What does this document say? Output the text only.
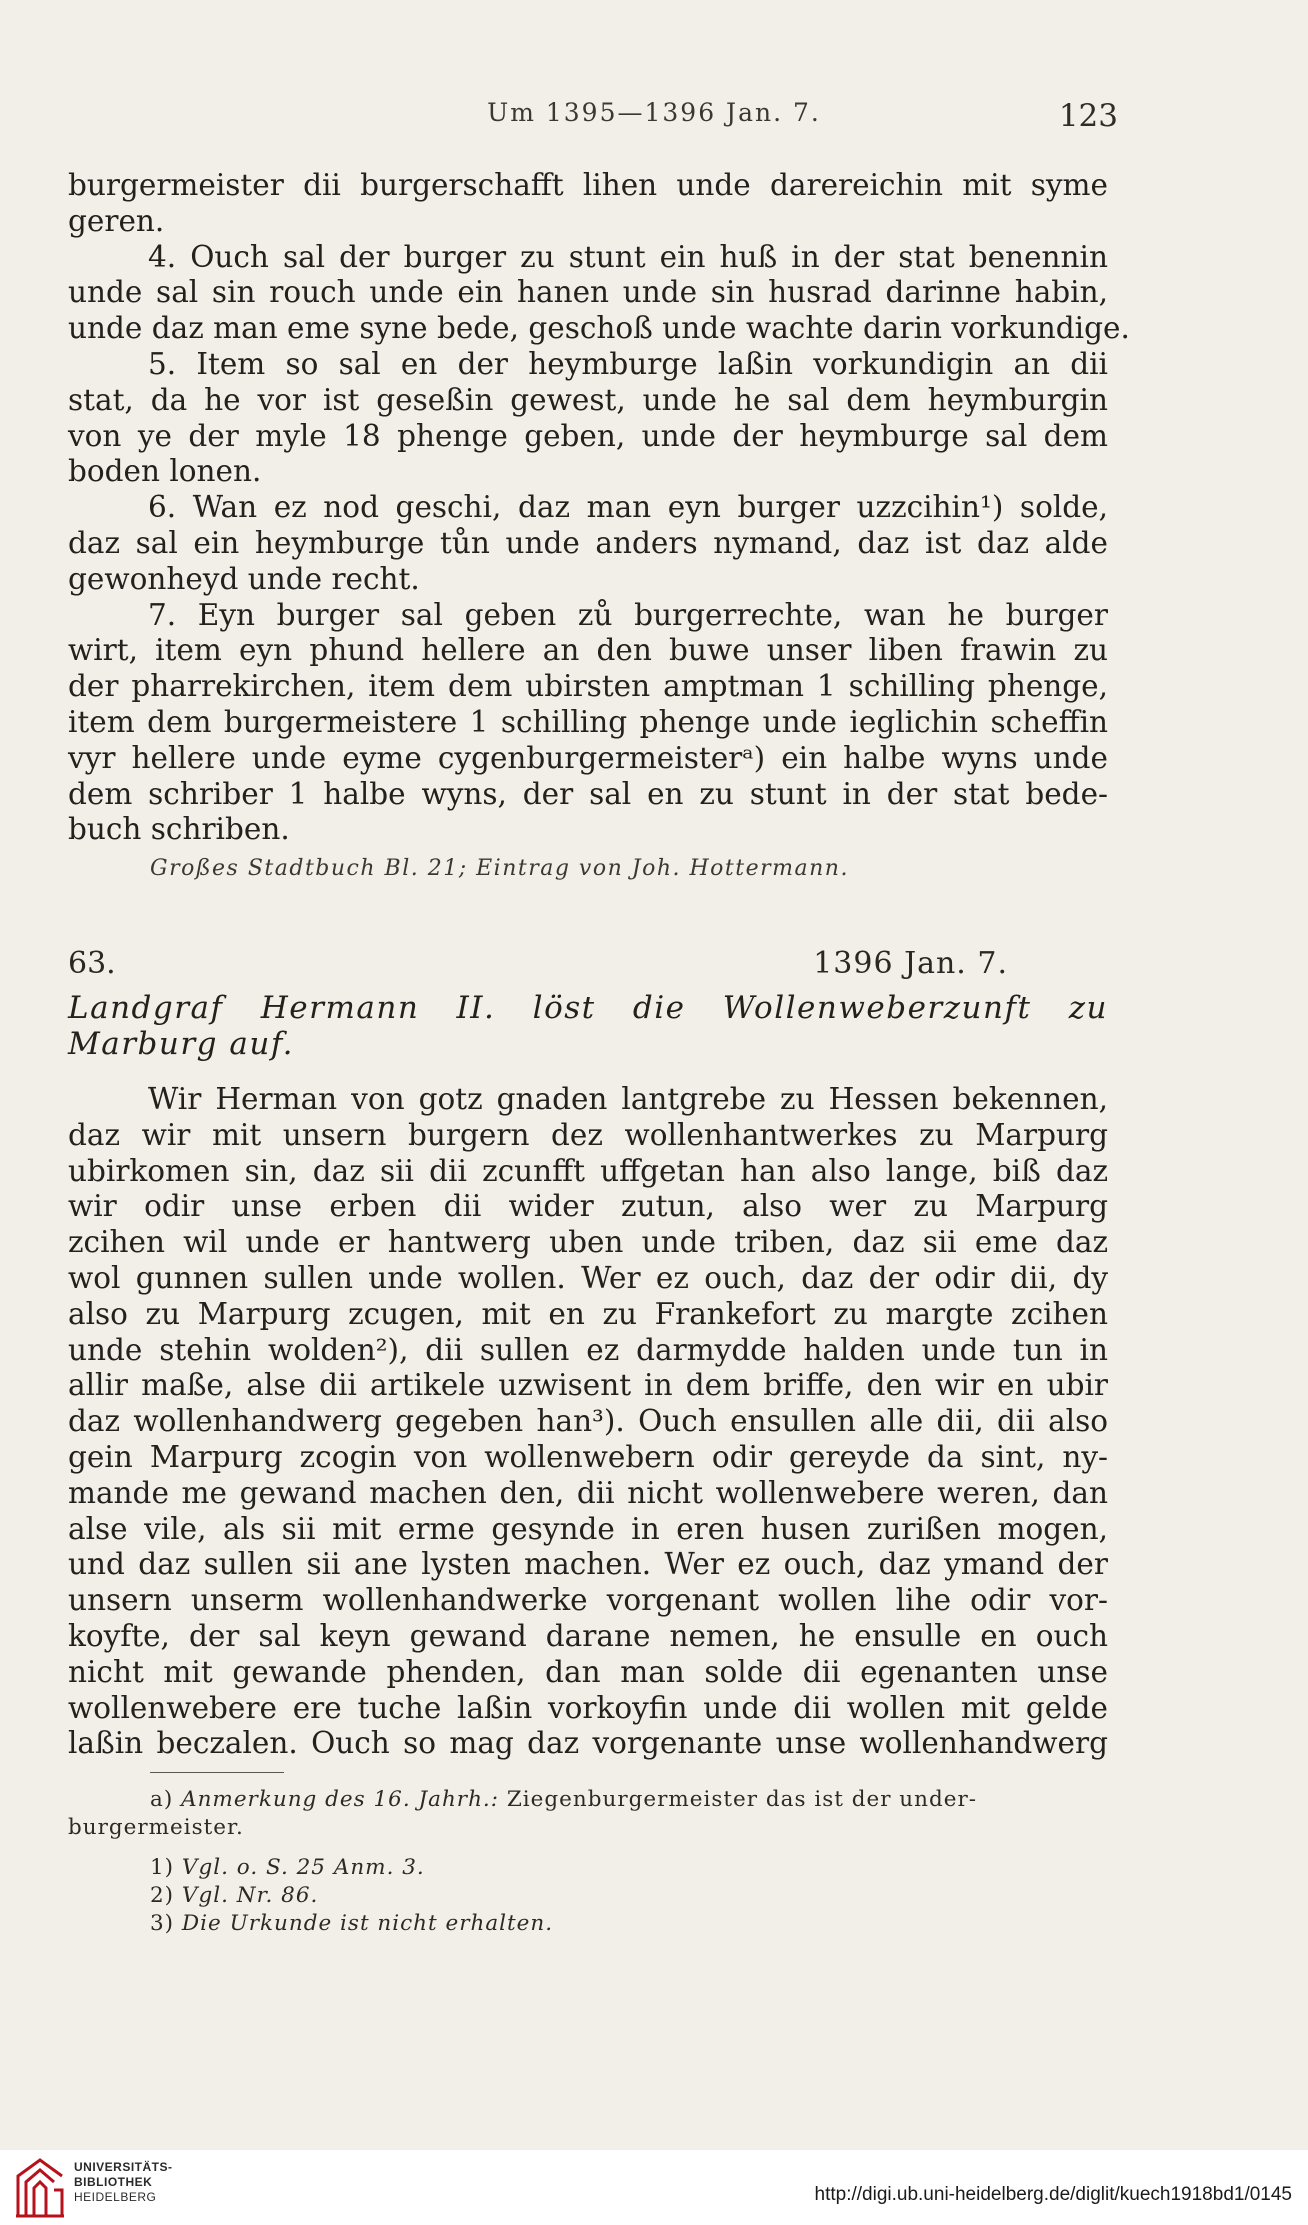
Um 1395—1396 Jan. 7.	123

burgermeister dii burgerschafft lihen unde darereichin mit syme
geren.
4. Ouch sal der burger zu stunt ein huß in der stat benennin
unde sal sin rouch unde ein hanen unde sin husrad darinne habin,
unde daz man eme syne bede, geschoß unde wachte darin vorkundige.
5. Item so sal en der heymburge laßin vorkundigin an dii
stat, da he vor ist geseßin gewest, unde he sal dem heymburgin
von ye der myle 18 phenge geben, unde der heymburge sal dem
boden lonen.
6. Wan ez nod geschi, daz man eyn burger uzzcihin¹) solde,
daz sal ein heymburge tůn unde anders nymand, daz ist daz alde
gewonheyd unde recht.
7. Eyn burger sal geben zů burgerrechte, wan he burger
wirt, item eyn phund hellere an den buwe unser liben frawin zu
der pharrekirchen, item dem ubirsten amptman 1 schilling phenge,
item dem burgermeistere 1 schilling phenge unde ieglichin scheffin
vyr hellere unde eyme cygenburgermeisterᵃ) ein halbe wyns unde
dem schriber 1 halbe wyns, der sal en zu stunt in der stat bede-
buch schriben.

Großes Stadtbuch Bl. 21; Eintrag von Joh. Hottermann.
63.	1396 Jan. 7.
Landgraf Hermann II. löst die Wollenweberzunft zu
Marburg auf.
Wir Herman von gotz gnaden lantgrebe zu Hessen bekennen,
daz wir mit unsern burgern dez wollenhantwerkes zu Marpurg
ubirkomen sin, daz sii dii zcunfft uffgetan han also lange, biß daz
wir odir unse erben dii wider zutun, also wer zu Marpurg
zcihen wil unde er hantwerg uben unde triben, daz sii eme daz
wol gunnen sullen unde wollen. Wer ez ouch, daz der odir dii, dy
also zu Marpurg zcugen, mit en zu Frankefort zu margte zcihen
unde stehin wolden²), dii sullen ez darmydde halden unde tun in
allir maße, alse dii artikele uzwisent in dem briffe, den wir en ubir
daz wollenhandwerg gegeben han³). Ouch ensullen alle dii, dii also
gein Marpurg zcogin von wollenwebern odir gereyde da sint, ny-
mande me gewand machen den, dii nicht wollenwebere weren, dan
alse vile, als sii mit erme gesynde in eren husen zurißen mogen,
und daz sullen sii ane lysten machen. Wer ez ouch, daz ymand der
unsern unserm wollenhandwerke vorgenant wollen lihe odir vor-
koyfte, der sal keyn gewand darane nemen, he ensulle en ouch
nicht mit gewande phenden, dan man solde dii egenanten unse
wollenwebere ere tuche laßin vorkoyfin unde dii wollen mit gelde
laßin beczalen. Ouch so mag daz vorgenante unse wollenhandwerg
a) Anmerkung des 16. Jahrh.: Ziegenburgermeister das ist der under-
burgermeister.
1) Vgl. o. S. 25 Anm. 3.
2) Vgl. Nr. 86.
3) Die Urkunde ist nicht erhalten.
UNIVERSITÄTS-
BIBLIOTHEK
HEIDELBERG	http://digi.ub.uni-heidelberg.de/diglit/kuech1918bd1/0145
